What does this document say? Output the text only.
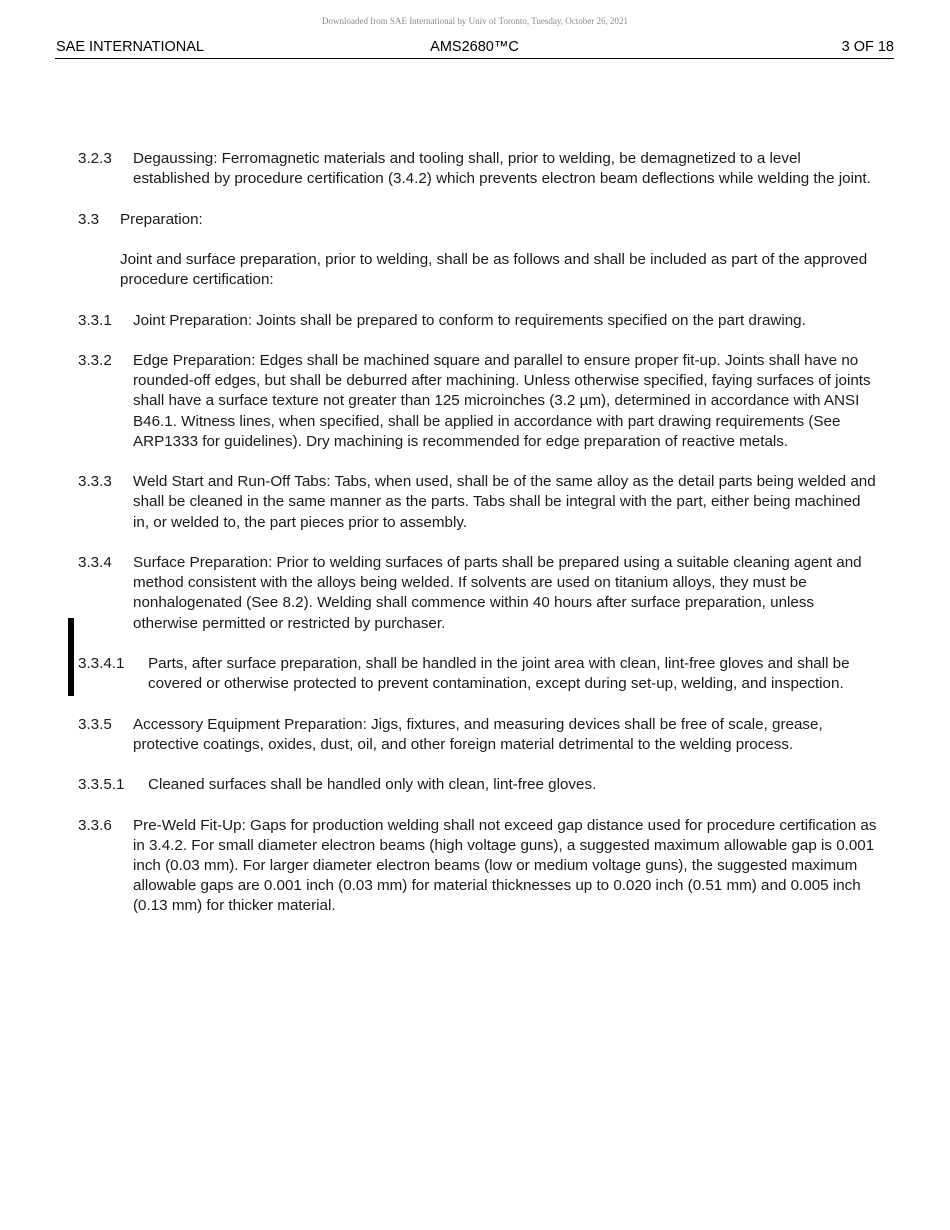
Downloaded from SAE International by Univ of Toronto, Tuesday, October 26, 2021
AMS2680™C
SAE INTERNATIONAL	3 OF 18
3.2.3	Degaussing: Ferromagnetic materials and tooling shall, prior to welding, be demagnetized to a level established by procedure certification (3.4.2) which prevents electron beam deflections while welding the joint.
3.3	Preparation:
Joint and surface preparation, prior to welding, shall be as follows and shall be included as part of the approved procedure certification:
3.3.1	Joint Preparation: Joints shall be prepared to conform to requirements specified on the part drawing.
3.3.2	Edge Preparation: Edges shall be machined square and parallel to ensure proper fit-up. Joints shall have no rounded-off edges, but shall be deburred after machining. Unless otherwise specified, faying surfaces of joints shall have a surface texture not greater than 125 microinches (3.2 µm), determined in accordance with ANSI B46.1. Witness lines, when specified, shall be applied in accordance with part drawing requirements (See ARP1333 for guidelines). Dry machining is recommended for edge preparation of reactive metals.
3.3.3	Weld Start and Run-Off Tabs: Tabs, when used, shall be of the same alloy as the detail parts being welded and shall be cleaned in the same manner as the parts. Tabs shall be integral with the part, either being machined in, or welded to, the part pieces prior to assembly.
3.3.4	Surface Preparation: Prior to welding surfaces of parts shall be prepared using a suitable cleaning agent and method consistent with the alloys being welded. If solvents are used on titanium alloys, they must be nonhalogenated (See 8.2). Welding shall commence within 40 hours after surface preparation, unless otherwise permitted or restricted by purchaser.
3.3.4.1	Parts, after surface preparation, shall be handled in the joint area with clean, lint-free gloves and shall be covered or otherwise protected to prevent contamination, except during set-up, welding, and inspection.
3.3.5	Accessory Equipment Preparation: Jigs, fixtures, and measuring devices shall be free of scale, grease, protective coatings, oxides, dust, oil, and other foreign material detrimental to the welding process.
3.3.5.1	Cleaned surfaces shall be handled only with clean, lint-free gloves.
3.3.6	Pre-Weld Fit-Up: Gaps for production welding shall not exceed gap distance used for procedure certification as in 3.4.2. For small diameter electron beams (high voltage guns), a suggested maximum allowable gap is 0.001 inch (0.03 mm). For larger diameter electron beams (low or medium voltage guns), the suggested maximum allowable gaps are 0.001 inch (0.03 mm) for material thicknesses up to 0.020 inch (0.51 mm) and 0.005 inch (0.13 mm) for thicker material.
